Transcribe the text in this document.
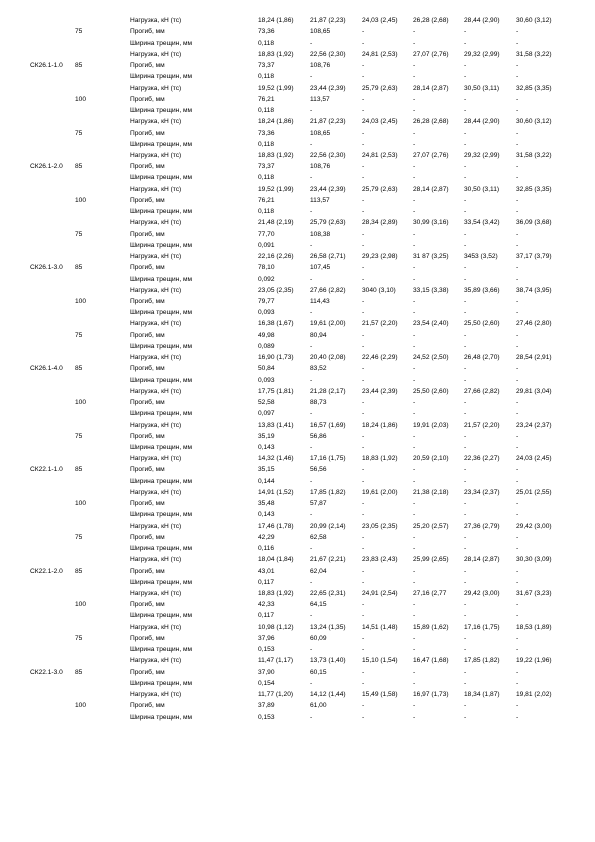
Нагрузка, кН (тс)	18,24 (1,86) 21,87 (2,23) 24,03 (2,45) 26,28 (2,68) 28,44 (2,90) 30,60 (3,12)
75	Прогиб, мм	73,36	108,65	-	-	-	-
Ширина трещин, мм	0,118	-	-	-	-	-
Нагрузка, кН (тс)	18,83 (1,92) 22,56 (2,30) 24,81 (2,53) 27,07 (2,76) 29,32 (2,99) 31,58 (3,22)
СК26.1-1.0 85	Прогиб, мм	73,37	108,76	-	-	-	-
Ширина трещин, мм	0,118	-	-	-	-	-
Нагрузка, кН (тс)	19,52 (1,99) 23,44 (2,39) 25,79 (2,63) 28,14 (2,87) 30,50 (3,11)	32,85 (3,35)
100	Прогиб, мм	76,21	113,57	-	-	-	-
Ширина трещин, мм	0,118	-	-	-	-	-
Нагрузка, кН (тс)	18,24 (1,86) 21,87 (2,23) 24,03 (2,45) 26,28 (2,68) 28,44 (2,90) 30,60 (3,12)
75	Прогиб, мм	73,36	108,65	-	-	-	-
Ширина трещин, мм	0,118	-	-	-	-	-
Нагрузка, кН (тс)	18,83 (1,92) 22,56 (2,30) 24,81 (2,53) 27,07 (2,76) 29,32 (2,99) 31,58 (3,22)
СК26.1-2.0 85	Прогиб, мм	73,37	108,76	-	-	-	-
Ширина трещин, мм	0,118	-	-	-	-	-
Нагрузка, кН (тс)	19,52 (1,99) 23,44 (2,39) 25,79 (2,63) 28,14 (2,87) 30,50 (3,11)	32,85 (3,35)
100	Прогиб, мм	76,21	113,57	-	-	-	-
Ширина трещин, мм	0,118	-	-	-	-	-
Нагрузка, кН (тс)	21,48 (2,19) 25,79 (2,63) 28,34 (2,89) 30,99 (3,16) 33,54 (3,42) 36,09 (3,68)
75	Прогиб, мм	77,70	108,38	-	-	-	-
Ширина трещин, мм	0,091	-	-	-	-	-
Нагрузка, кН (тс)	22,16 (2,26) 26,58 (2,71) 29,23 (2,98) 31 87 (3,25) 3453 (3,52)	37,17 (3,79)
СК26.1-3.0 85	Прогиб, мм	78,10	107,45	-	-	-	-
Ширина трещин, мм	0,092	-	-	-	-	-
Нагрузка, кН (тс)	23,05 (2,35) 27,66 (2,82) 3040 (3,10)	33,15 (3,38) 35,89 (3,66) 38,74 (3,95)
100	Прогиб, мм	79,77	114,43	-	-	-	-
Ширина трещин, мм	0,093	-	-	-	-	-
Нагрузка, кН (тс)	16,38 (1,67) 19,61 (2,00) 21,57 (2,20) 23,54 (2,40) 25,50 (2,60) 27,46 (2,80)
75	Прогиб, мм	49,98	80,94	-	-	-	-
Ширина трещин, мм	0,089	-	-	-	-	-
Нагрузка, кН (тс)	16,90 (1,73) 20,40 (2,08) 22,46 (2,29) 24,52 (2,50) 26,48 (2,70) 28,54 (2,91)
СК26.1-4.0 85	Прогиб, мм	50,84	83,52	-	-	-	-
Ширина трещин, мм	0,093	-	-	-	-	-
Нагрузка, кН (тс)	17,75 (1,81) 21,28 (2,17) 23,44 (2,39) 25,50 (2,60) 27,66 (2,82) 29,81 (3,04)
100	Прогиб, мм	52,58	88,73	-	-	-	-
Ширина трещин, мм	0,097	-	-	-	-	-
Нагрузка, кН (тс)	13,83 (1,41) 16,57 (1,69) 18,24 (1,86) 19,91 (2,03) 21,57 (2,20) 23,24 (2,37)
75	Прогиб, мм	35,19	56,86	-	-	-	-
Ширина трещин, мм	0,143	-	-	-	-	-
Нагрузка, кН (тс)	14,32 (1,46) 17,16 (1,75) 18,83 (1,92) 20,59 (2,10) 22,36 (2,27) 24,03 (2,45)
СК22.1-1.0 85	Прогиб, мм	35,15	56,56	-	-	-	-
Ширина трещин, мм	0,144	-	-	-	-	-
Нагрузка, кН (тс)	14,91 (1,52) 17,85 (1,82) 19,61 (2,00) 21,38 (2,18) 23,34 (2,37) 25,01 (2,55)
100	Прогиб, мм	35,48	57,87	-	-	-	-
Ширина трещин, мм	0,143	-	-	-	-	-
Нагрузка, кН (тс)	17,46 (1,78) 20,99 (2,14) 23,05 (2,35) 25,20 (2,57) 27,36 (2,79) 29,42 (3,00)
75	Прогиб, мм	42,29	62,58	-	-	-	-
Ширина трещин, мм	0,116	-	-	-	-	-
Нагрузка, кН (тс)	18,04 (1,84) 21,67 (2,21) 23,83 (2,43) 25,99 (2,65) 28,14 (2,87) 30,30 (3,09)
СК22.1-2.0 85	Прогиб, мм	43,01	62,04	-	-	-	-
Ширина трещин, мм	0,117	-	-	-	-	-
Нагрузка, кН (тс)	18,83 (1,92) 22,65 (2,31) 24,91 (2,54) 27,16 (2,77	29,42 (3,00) 31,67 (3,23)
100	Прогиб, мм	42,33	64,15	-	-	-	-
Ширина трещин, мм	0,117	-	-	-	-	-
Нагрузка, кН (тс)	10,98 (1,12) 13,24 (1,35) 14,51 (1,48) 15,89 (1,62) 17,16 (1,75) 18,53 (1,89)
75	Прогиб, мм	37,96	60,09	-	-	-	-
Ширина трещин, мм	0,153	-	-	-	-	-
Нагрузка, кН (тс)	11,47 (1,17)	13,73 (1,40) 15,10 (1,54) 16,47 (1,68) 17,85 (1,82) 19,22 (1,96)
СК22.1-3.0 85	Прогиб, мм	37,90	60,15	-	-	-	-
Ширина трещин, мм	0,154	-	-	-	-	-
Нагрузка, кН (тс)	11,77 (1,20)	14,12 (1,44) 15,49 (1,58) 16,97 (1,73) 18,34 (1,87) 19,81 (2,02)
100	Прогиб, мм	37,89	61,00	-	-	-	-
Ширина трещин, мм	0,153	-	-	-	-	-
